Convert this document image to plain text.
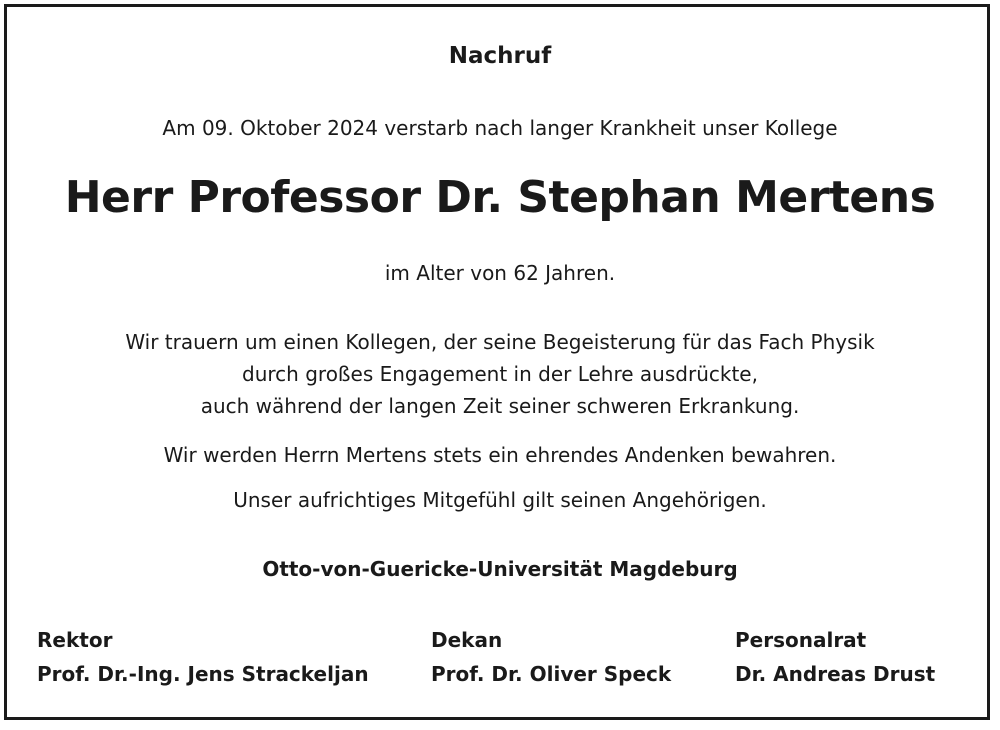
Nachruf
Am 09. Oktober 2024 verstarb nach langer Krankheit unser Kollege
Herr Professor Dr. Stephan Mertens
im Alter von 62 Jahren.
Wir trauern um einen Kollegen, der seine Begeisterung für das Fach Physik
durch großes Engagement in der Lehre ausdrückte,
auch während der langen Zeit seiner schweren Erkrankung.
Wir werden Herrn Mertens stets ein ehrendes Andenken bewahren.
Unser aufrichtiges Mitgefühl gilt seinen Angehörigen.
Otto-von-Guericke-Universität Magdeburg
Rektor
Prof. Dr.-Ing. Jens Strackeljan
Dekan
Prof. Dr. Oliver Speck
Personalrat
Dr. Andreas Drust
